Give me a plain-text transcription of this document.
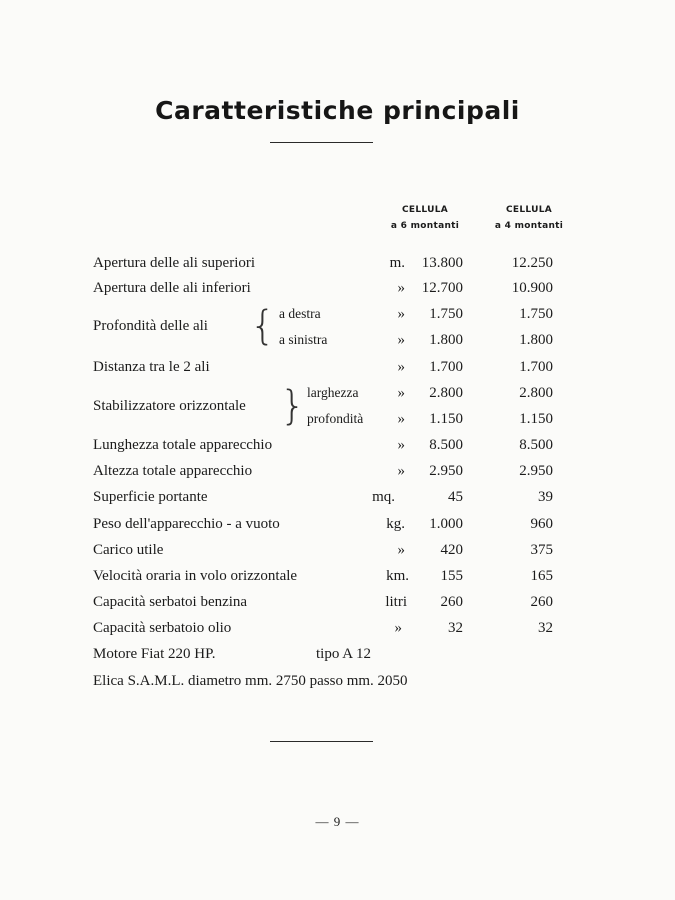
Caratteristiche principali
CELLULA
a 6 montanti
CELLULA
a 4 montanti
Apertura delle ali superiori	m.	13.800	12.250
Apertura delle ali inferiori	»	12.700	10.900
Profondità delle ali { a destra	»	1.750	1.750
a sinistra	»	1.800	1.800
Distanza tra le 2 ali	»	1.700	1.700
Stabilizzatore orizzontale } larghezza	»	2.800	2.800
profondità	»	1.150	1.150
Lunghezza totale apparecchio	»	8.500	8.500
Altezza totale apparecchio	»	2.950	2.950
Superficie portante	mq.	45	39
Peso dell'apparecchio - a vuoto	kg.	1.000	960
Carico utile	»	420	375
Velocità oraria in volo orizzontale	km.	155	165
Capacità serbatoi benzina	litri	260	260
Capacità serbatoio olio	»	32	32
Motore Fiat 220 HP.	tipo A 12
Elica S.A.M.L. diametro mm. 2750 passo mm. 2050
— 9 —
